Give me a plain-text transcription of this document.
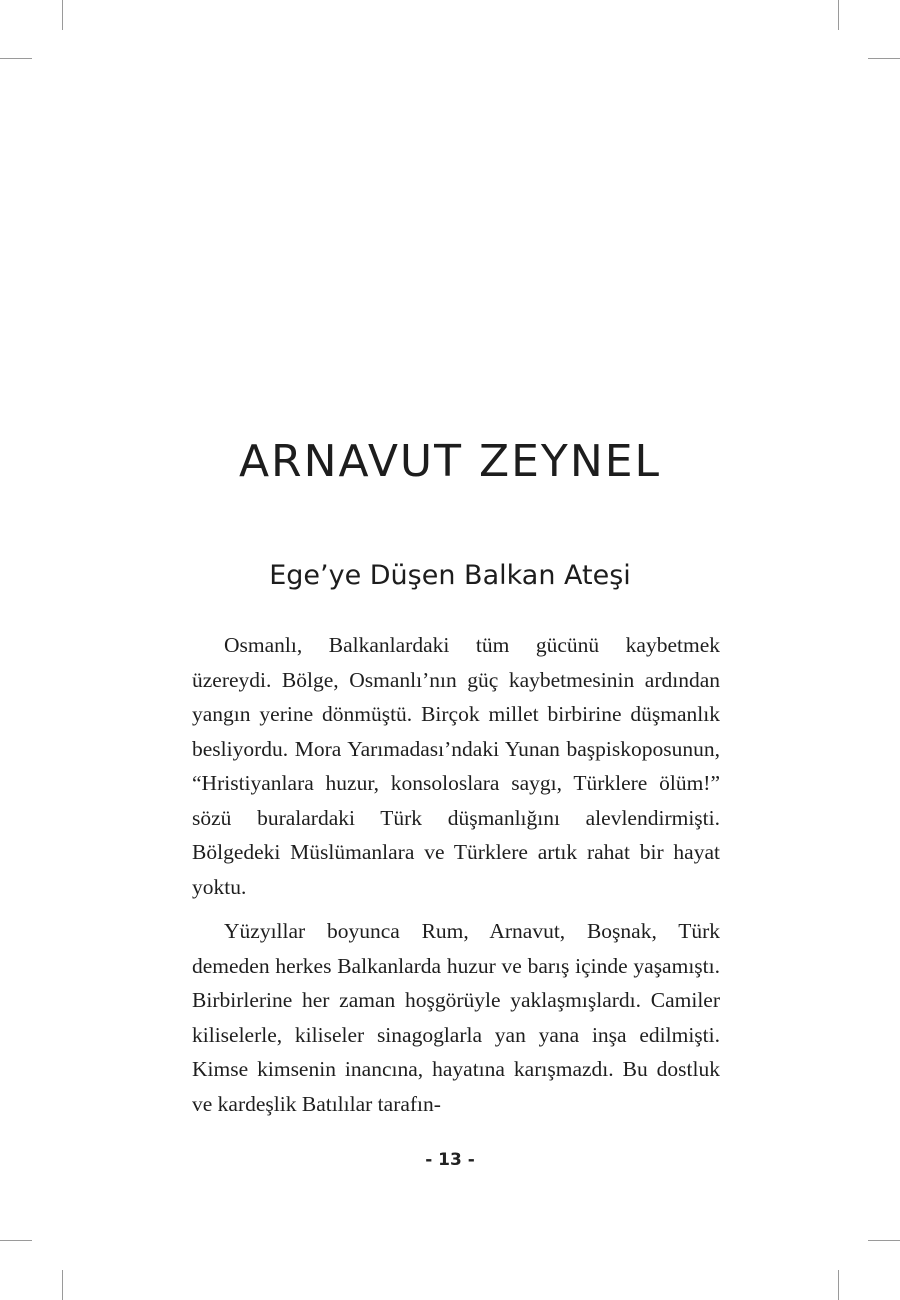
ARNAVUT ZEYNEL
Ege’ye Düşen Balkan Ateşi

Osmanlı, Balkanlardaki tüm gücünü kaybetmek üzereydi. Bölge, Osmanlı’nın güç kaybetmesinin ardından yangın yerine dönmüştü. Birçok millet birbirine düşmanlık besliyordu. Mora Yarımadası’ndaki Yunan başpiskoposunun, “Hristiyanlara huzur, konsoloslara saygı, Türklere ölüm!” sözü buralardaki Türk düşmanlığını alevlendirmişti. Bölgedeki Müslümanlara ve Türklere artık rahat bir hayat yoktu.

Yüzyıllar boyunca Rum, Arnavut, Boşnak, Türk demeden herkes Balkanlarda huzur ve barış içinde yaşamıştı. Birbirlerine her zaman hoşgörüyle yaklaşmışlardı. Camiler kiliselerle, kiliseler sinagoglarla yan yana inşa edilmişti. Kimse kimsenin inancına, hayatına karışmazdı. Bu dostluk ve kardeşlik Batılılar tarafın-

- 13 -
